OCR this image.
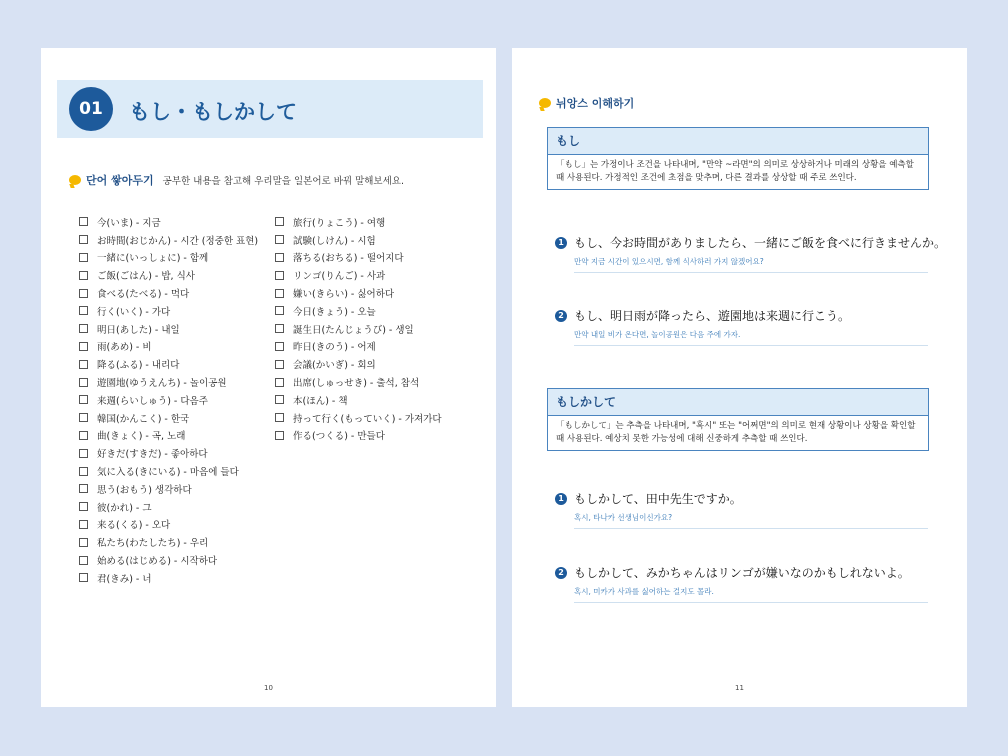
01	もし・もしかして
단어 쌓아두기 공부한 내용을 참고해 우리말을 일본어로 바꿔 말해보세요.
今(いま) - 지금
お時間(おじかん) - 시간 (정중한 표현)
一緒に(いっしょに) - 함께
ご飯(ごはん) - 밥, 식사
食べる(たべる) - 먹다
行く(いく) - 가다
明日(あした) - 내일
雨(あめ) - 비
降る(ふる) - 내리다
遊園地(ゆうえんち) - 놀이공원
来週(らいしゅう) - 다음주
韓国(かんこく) - 한국
曲(きょく) - 곡, 노래
好きだ(すきだ) - 좋아하다
気に入る(きにいる) - 마음에 들다
思う(おもう) 생각하다
彼(かれ) - 그
来る(くる) - 오다
私たち(わたしたち) - 우리
始める(はじめる) - 시작하다
君(きみ) - 너
旅行(りょこう) - 여행
試験(しけん) - 시험
落ちる(おちる) - 떨어지다
リンゴ(りんご) - 사과
嫌い(きらい) - 싫어하다
今日(きょう) - 오늘
誕生日(たんじょうび) - 생일
昨日(きのう) - 어제
会議(かいぎ) - 회의
出席(しゅっせき) - 출석, 참석
本(ほん) - 책
持って行く(もっていく) - 가져가다
作る(つくる) - 만들다
10
뉘앙스 이해하기
もし
「もし」는 가정이나 조건을 나타내며, "만약 ~라면"의 의미로 상상하거나 미래의 상황을 예측할 때 사용된다. 가정적인 조건에 초점을 맞추며, 다른 결과를 상상할 때 주로 쓰인다.
1 もし、今お時間がありましたら、一緒にご飯を食べに行きませんか。
만약 지금 시간이 있으시면, 함께 식사하러 가지 않겠어요?
2 もし、明日雨が降ったら、遊園地は来週に行こう。
만약 내일 비가 온다면, 놀이공원은 다음 주에 가자.
もしかして
「もしかして」는 추측을 나타내며, "혹시" 또는 "어쩌면"의 의미로 현재 상황이나 상황을 확인할 때 사용된다. 예상치 못한 가능성에 대해 신중하게 추측할 때 쓰인다.
1 もしかして、田中先生ですか。
혹시, 타나카 선생님이신가요?
2 もしかして、みかちゃんはリンゴが嫌いなのかもしれないよ。
혹시, 미카가 사과를 싫어하는 걸지도 몰라.
11
